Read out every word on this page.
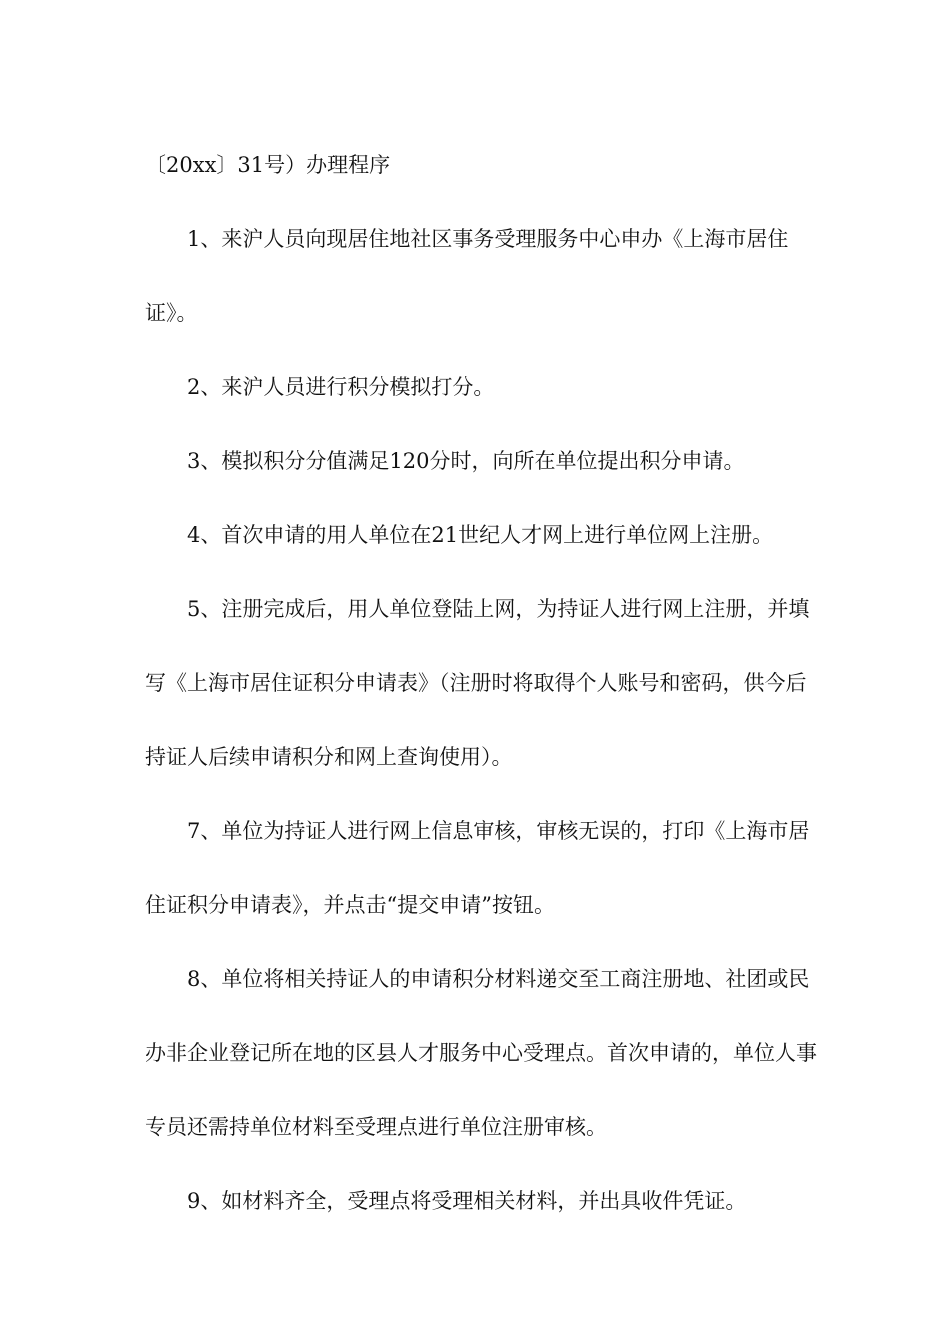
〔20xx〕31号）办理程序

1、来沪人员向现居住地社区事务受理服务中心申办《上海市居住证》。

2、来沪人员进行积分模拟打分。

3、模拟积分分值满足120分时，向所在单位提出积分申请。

4、首次申请的用人单位在21世纪人才网上进行单位网上注册。

5、注册完成后，用人单位登陆上网，为持证人进行网上注册，并填写《上海市居住证积分申请表》（注册时将取得个人账号和密码，供今后持证人后续申请积分和网上查询使用）。

7、单位为持证人进行网上信息审核，审核无误的，打印《上海市居住证积分申请表》，并点击“提交申请”按钮。

8、单位将相关持证人的申请积分材料递交至工商注册地、社团或民办非企业登记所在地的区县人才服务中心受理点。首次申请的，单位人事专员还需持单位材料至受理点进行单位注册审核。

9、如材料齐全，受理点将受理相关材料，并出具收件凭证。
